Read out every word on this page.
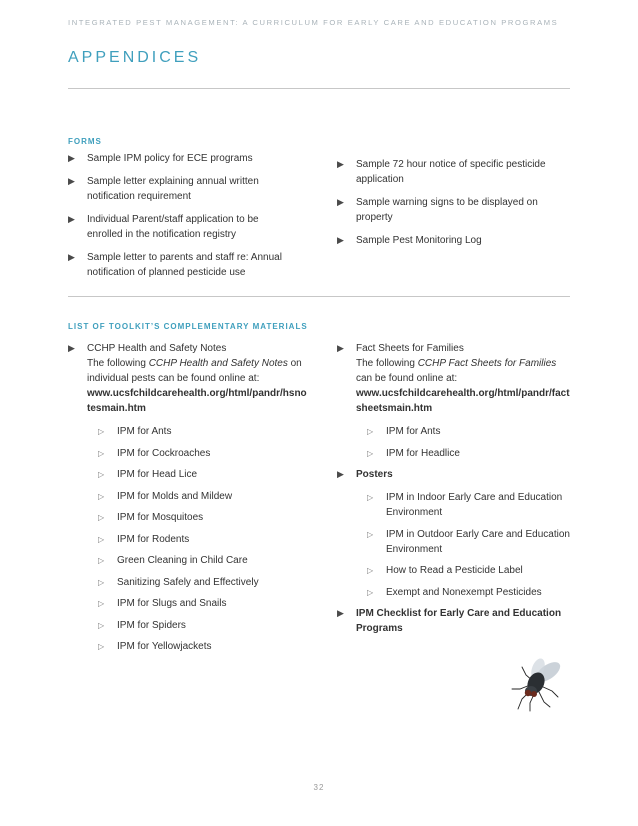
INTEGRATED PEST MANAGEMENT: A CURRICULUM FOR EARLY CARE AND EDUCATION PROGRAMS
APPENDICES
FORMS
▶ Sample IPM policy for ECE programs
▶ Sample letter explaining annual written notification requirement
▶ Individual Parent/staff application to be enrolled in the notification registry
▶ Sample letter to parents and staff re: Annual notification of planned pesticide use
▶ Sample 72 hour notice of specific pesticide application
▶ Sample warning signs to be displayed on property
▶ Sample Pest Monitoring Log
LIST OF TOOLKIT’S COMPLEMENTARY MATERIALS
▶ CCHP Health and Safety Notes
The following CCHP Health and Safety Notes on individual pests can be found online at:
www.ucsfchildcarehealth.org/html/pandr/hsnotesmain.htm
▷ IPM for Ants
▷ IPM for Cockroaches
▷ IPM for Head Lice
▷ IPM for Molds and Mildew
▷ IPM for Mosquitoes
▷ IPM for Rodents
▷ Green Cleaning in Child Care
▷ Sanitizing Safely and Effectively
▷ IPM for Slugs and Snails
▷ IPM for Spiders
▷ IPM for Yellowjackets
▶ Fact Sheets for Families
The following CCHP Fact Sheets for Families can be found online at:
www.ucsfchildcarehealth.org/html/pandr/factsheetsmain.htm
▷ IPM for Ants
▷ IPM for Headlice
▶ Posters
▷ IPM in Indoor Early Care and Education Environment
▷ IPM in Outdoor Early Care and Education Environment
▷ How to Read a Pesticide Label
▷ Exempt and Nonexempt Pesticides
▶ IPM Checklist for Early Care and Education Programs
32
